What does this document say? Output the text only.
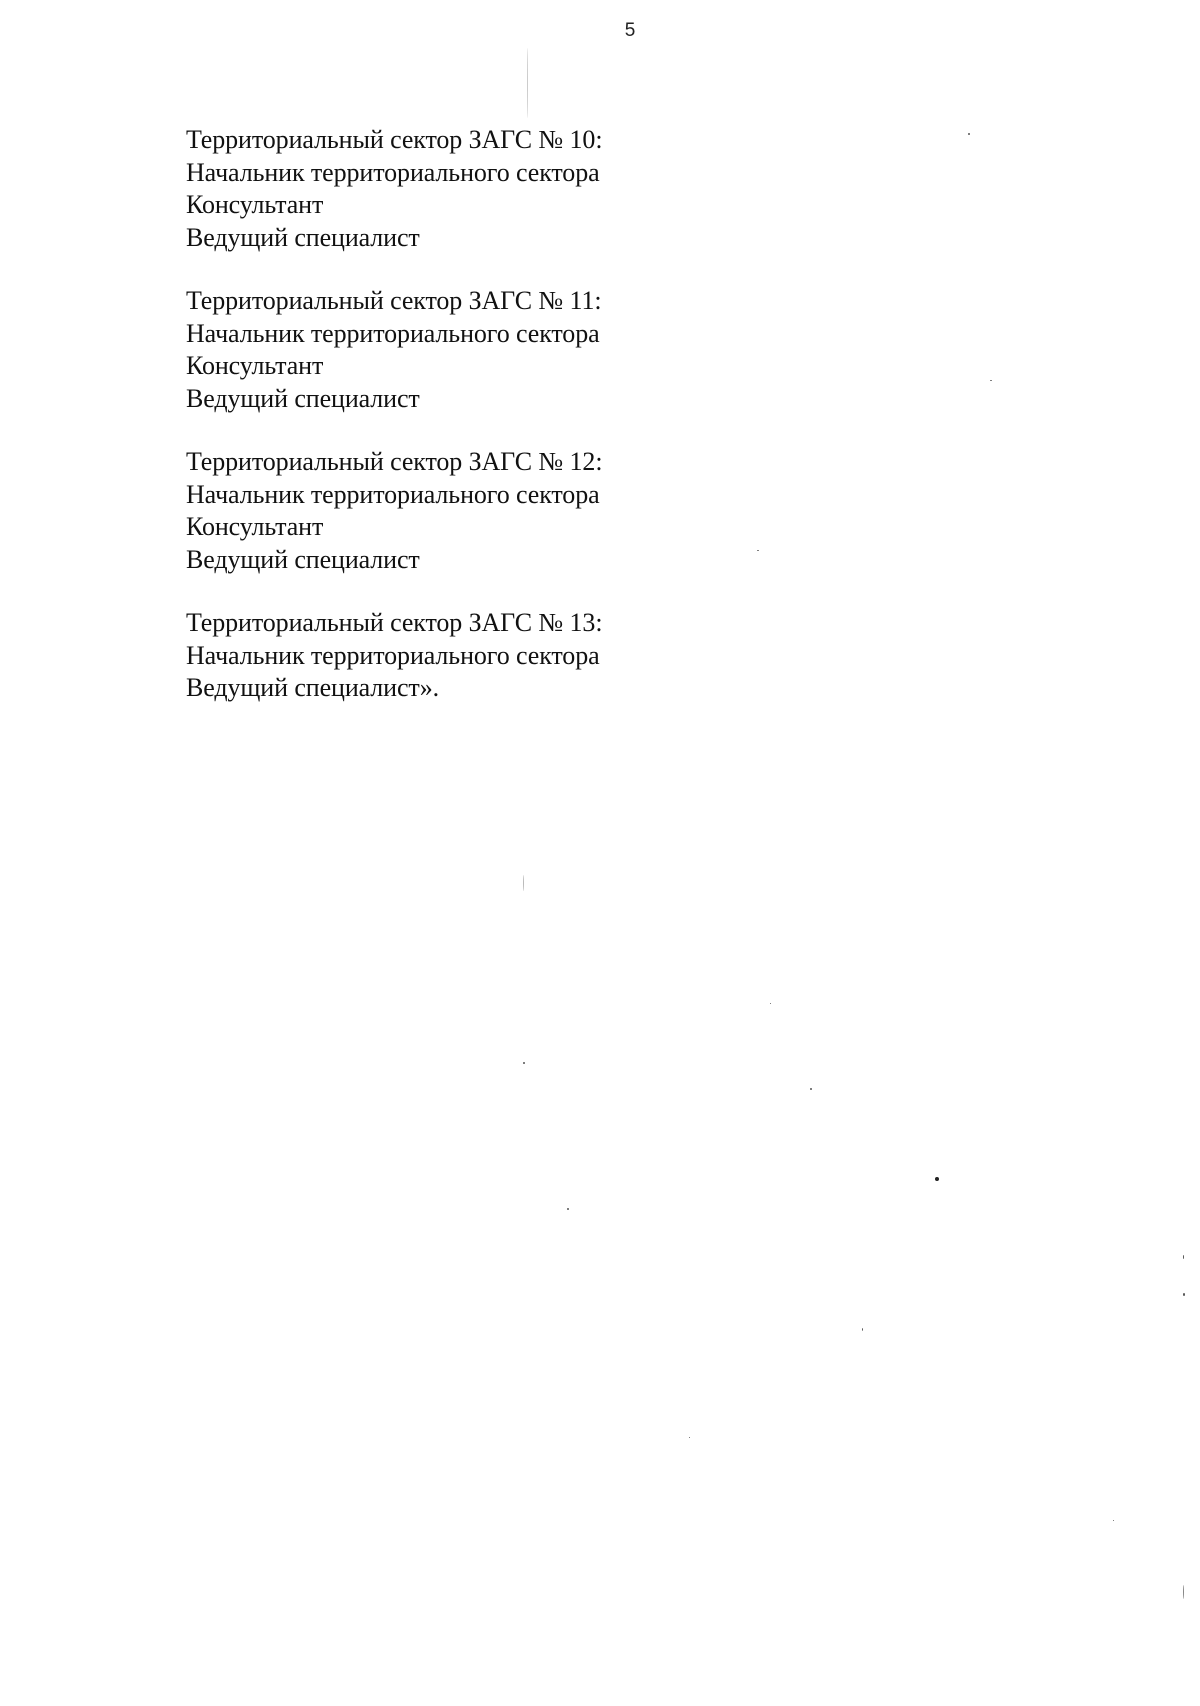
5
Территориальный сектор ЗАГС № 10:
Начальник территориального сектора
Консультант
Ведущий специалист
Территориальный сектор ЗАГС № 11:
Начальник территориального сектора
Консультант
Ведущий специалист
Территориальный сектор ЗАГС № 12:
Начальник территориального сектора
Консультант
Ведущий специалист
Территориальный сектор ЗАГС № 13:
Начальник территориального сектора
Ведущий специалист».
